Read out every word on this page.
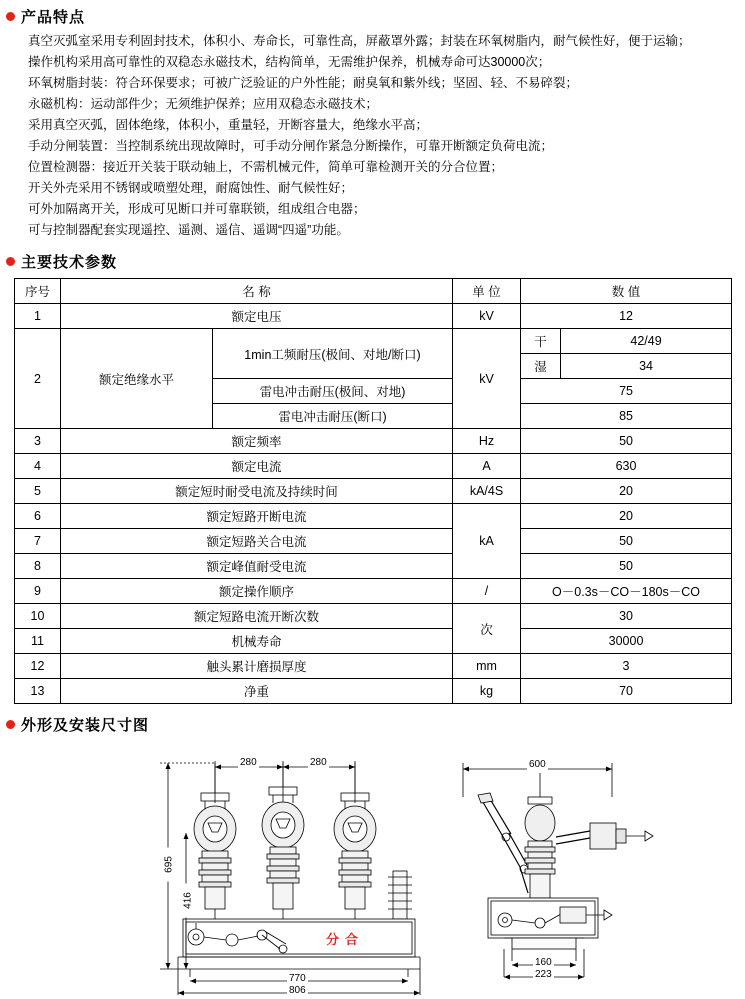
产品特点
真空灭弧室采用专利固封技术，体积小、寿命长，可靠性高，屏蔽罩外露；封装在环氧树脂内，耐气候性好，便于运输；
操作机构采用高可靠性的双稳态永磁技术，结构简单，无需维护保养，机械寿命可达30000次；
环氧树脂封装：符合环保要求；可被广泛验证的户外性能；耐臭氧和紫外线；坚固、轻、不易碎裂；
永磁机构：运动部件少；无须维护保养；应用双稳态永磁技术；
采用真空灭弧，固体绝缘，体积小，重量轻，开断容量大，绝缘水平高；
手动分闸装置：当控制系统出现故障时，可手动分闸作紧急分断操作，可靠开断额定负荷电流；
位置检测器：接近开关装于联动轴上，不需机械元件，简单可靠检测开关的分合位置；
开关外壳采用不锈钢或喷塑处理，耐腐蚀性、耐气候性好；
可外加隔离开关，形成可见断口并可靠联锁，组成组合电器；
可与控制器配套实现遥控、遥测、遥信、遥调“四遥”功能。
主要技术参数
序号	名 称		单 位	数 值	
1	额定电压		kV	12	
2	额定绝缘水平	1min工频耐压(极间、对地/断口)	kV	干	42/49
				湿	34
		雷电冲击耐压(极间、对地)		75	
		雷电冲击耐压(断口)		85	
3	额定频率		Hz	50	
4	额定电流		A	630	
5	额定短时耐受电流及持续时间		kA/4S	20	
6	额定短路开断电流		kA	20	
7	额定短路关合电流			50	
8	额定峰值耐受电流			50	
9	额定操作顺序		/	O－0.3s－CO－180s－CO	
10	额定短路电流开断次数		次	30	
11	机械寿命			30000	
12	触头累计磨损厚度		mm	3	
13	净重		kg	70	
外形及安装尺寸图
280	280
695
416
770
806
600
160
223
分 合
